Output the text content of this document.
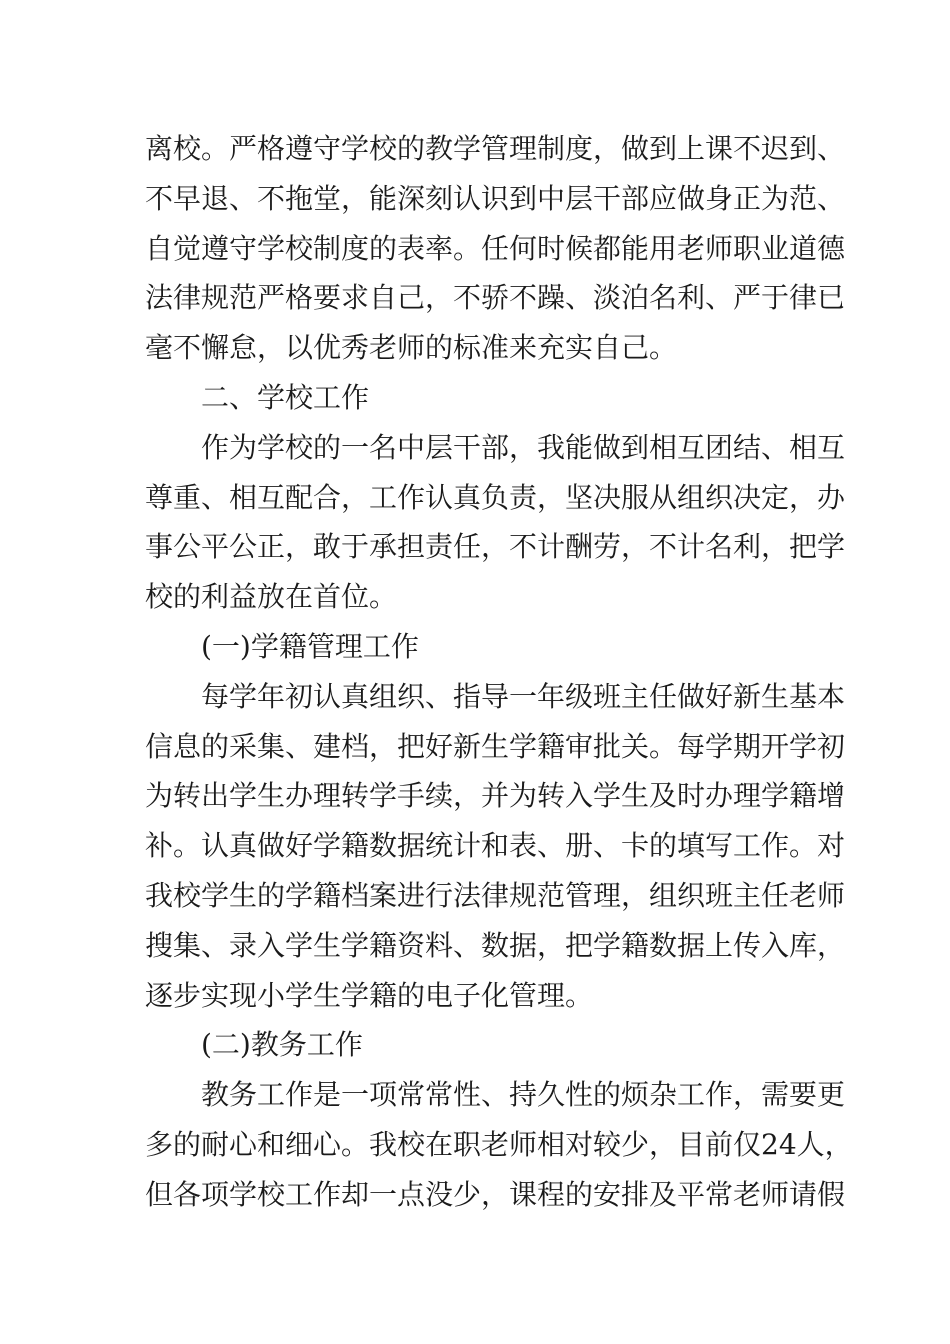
离校。严格遵守学校的教学管理制度，做到上课不迟到、
不早退、不拖堂，能深刻认识到中层干部应做身正为范、
自觉遵守学校制度的表率。任何时候都能用老师职业道德
法律规范严格要求自己，不骄不躁、淡泊名利、严于律已
毫不懈怠，以优秀老师的标准来充实自己。
二、学校工作
作为学校的一名中层干部，我能做到相互团结、相互
尊重、相互配合，工作认真负责，坚决服从组织决定，办
事公平公正，敢于承担责任，不计酬劳，不计名利，把学
校的利益放在首位。
(一)学籍管理工作
每学年初认真组织、指导一年级班主任做好新生基本
信息的采集、建档，把好新生学籍审批关。每学期开学初
为转出学生办理转学手续，并为转入学生及时办理学籍增
补。认真做好学籍数据统计和表、册、卡的填写工作。对
我校学生的学籍档案进行法律规范管理，组织班主任老师
搜集、录入学生学籍资料、数据，把学籍数据上传入库，
逐步实现小学生学籍的电子化管理。
(二)教务工作
教务工作是一项常常性、持久性的烦杂工作，需要更
多的耐心和细心。我校在职老师相对较少，目前仅24人，
但各项学校工作却一点没少，课程的安排及平常老师请假
